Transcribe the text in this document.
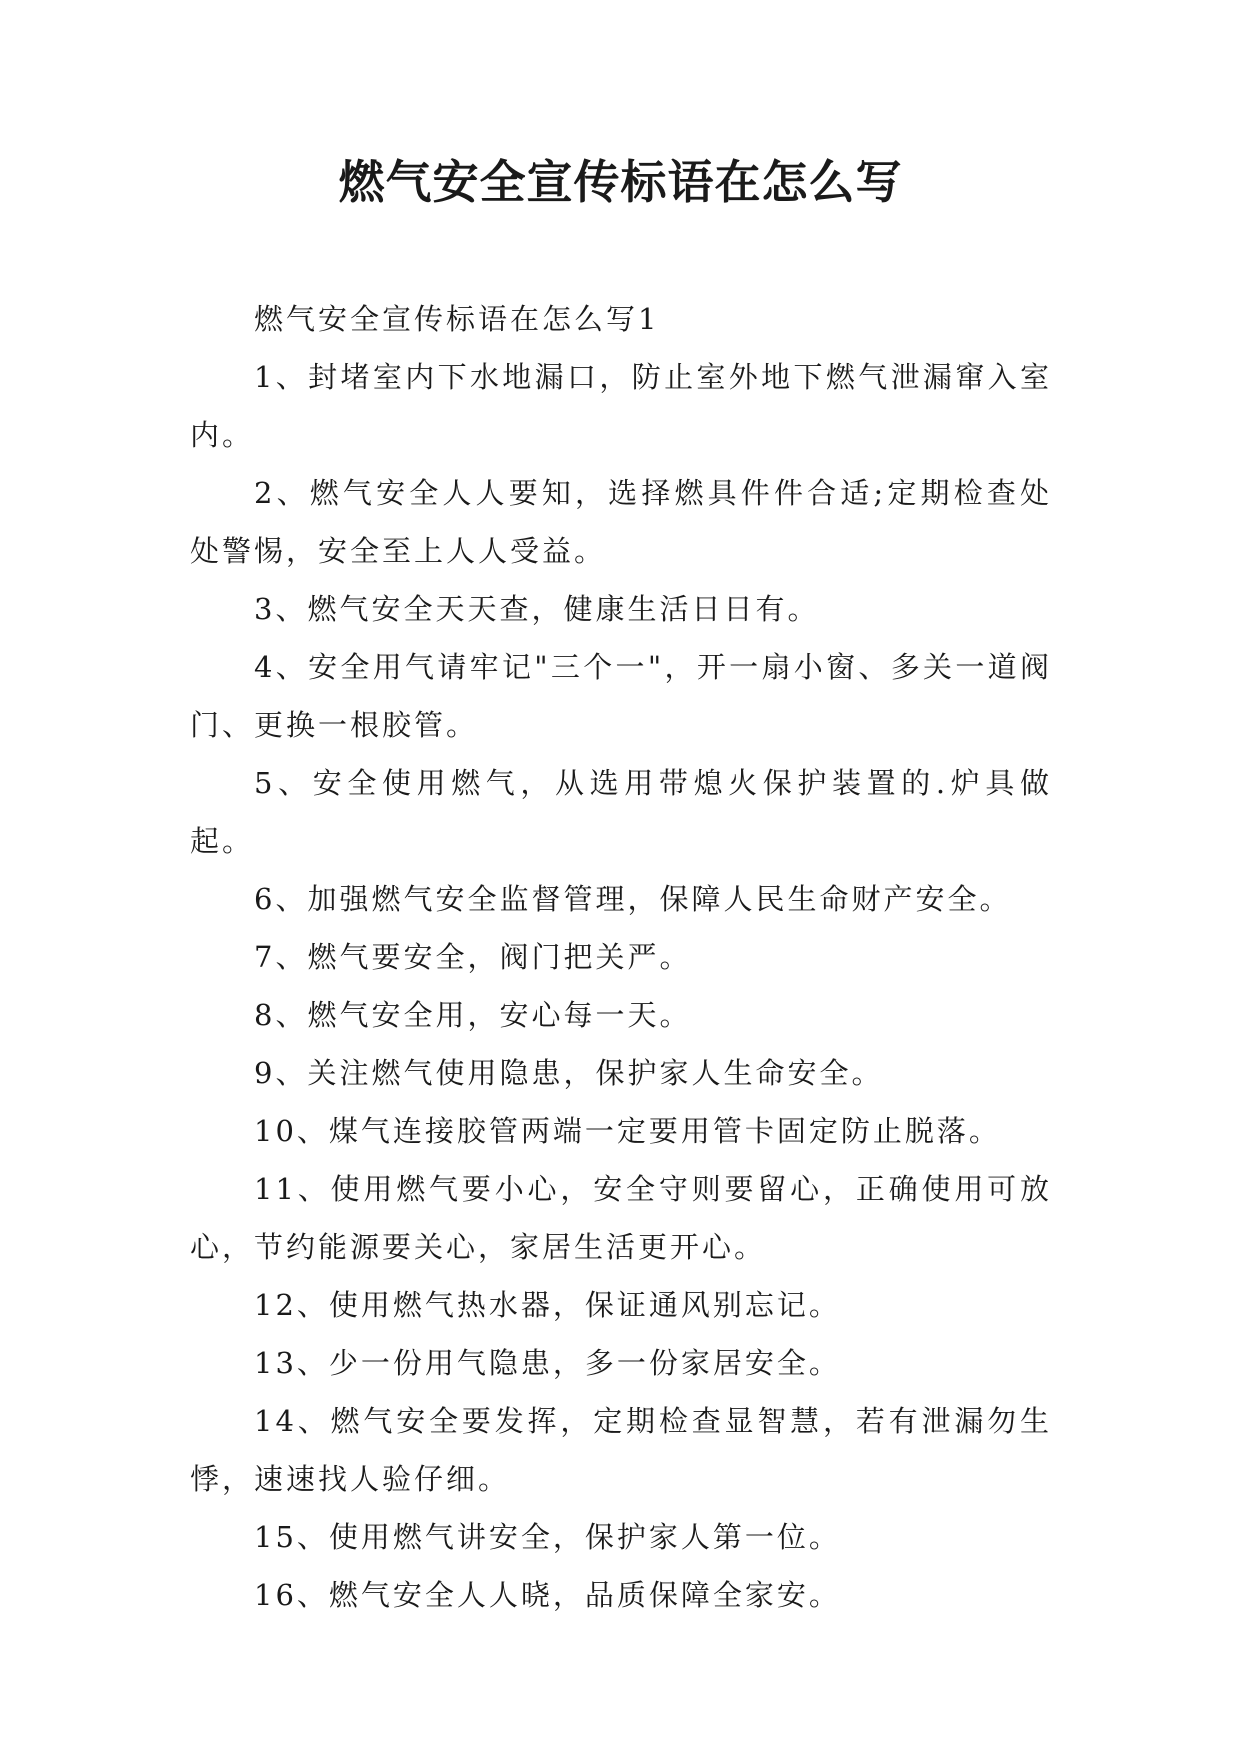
燃气安全宣传标语在怎么写

燃气安全宣传标语在怎么写1

1、封堵室内下水地漏口，防止室外地下燃气泄漏窜入室内。

2、燃气安全人人要知，选择燃具件件合适;定期检查处处警惕，安全至上人人受益。

3、燃气安全天天查，健康生活日日有。

4、安全用气请牢记"三个一"，开一扇小窗、多关一道阀门、更换一根胶管。

5、安全使用燃气，从选用带熄火保护装置的.炉具做起。

6、加强燃气安全监督管理，保障人民生命财产安全。

7、燃气要安全，阀门把关严。

8、燃气安全用，安心每一天。

9、关注燃气使用隐患，保护家人生命安全。

10、煤气连接胶管两端一定要用管卡固定防止脱落。

11、使用燃气要小心，安全守则要留心，正确使用可放心，节约能源要关心，家居生活更开心。

12、使用燃气热水器，保证通风别忘记。

13、少一份用气隐患，多一份家居安全。

14、燃气安全要发挥，定期检查显智慧，若有泄漏勿生悸，速速找人验仔细。

15、使用燃气讲安全，保护家人第一位。

16、燃气安全人人晓，品质保障全家安。
